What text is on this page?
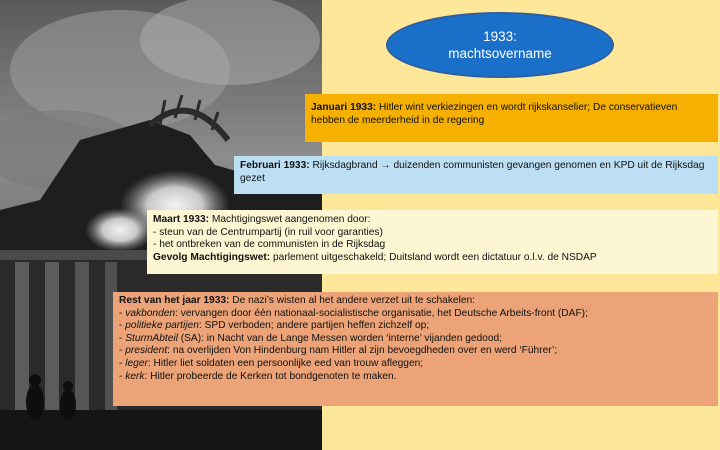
1933:
machtsovername
Januari 1933: Hitler wint verkiezingen en wordt rijkskanselier; De conservatieven hebben de meerderheid in de regering
Februari 1933: Rijksdagbrand → duizenden communisten gevangen genomen en KPD uit de Rijksdag gezet
Maart 1933: Machtigingswet aangenomen door:
- steun van de Centrumpartij (in ruil voor garanties)
- het ontbreken van de communisten in de Rijksdag
Gevolg Machtigingswet: parlement uitgeschakeld; Duitsland wordt een dictatuur o.l.v. de NSDAP
Rest van het jaar 1933: De nazi’s wisten al het andere verzet uit te schakelen:
- vakbonden: vervangen door één nationaal-socialistische organisatie, het Deutsche Arbeits-front (DAF);
- politieke partijen: SPD verboden; andere partijen heffen zichzelf op;
- SturmAbteil (SA): in Nacht van de Lange Messen worden ‘interne’ vijanden gedood;
- president: na overlijden Von Hindenburg nam Hitler al zijn bevoegdheden over en werd ‘Führer’;
- leger: Hitler liet soldaten een persoonlijke eed van trouw afleggen;
- kerk: Hitler probeerde de Kerken tot bondgenoten te maken.
